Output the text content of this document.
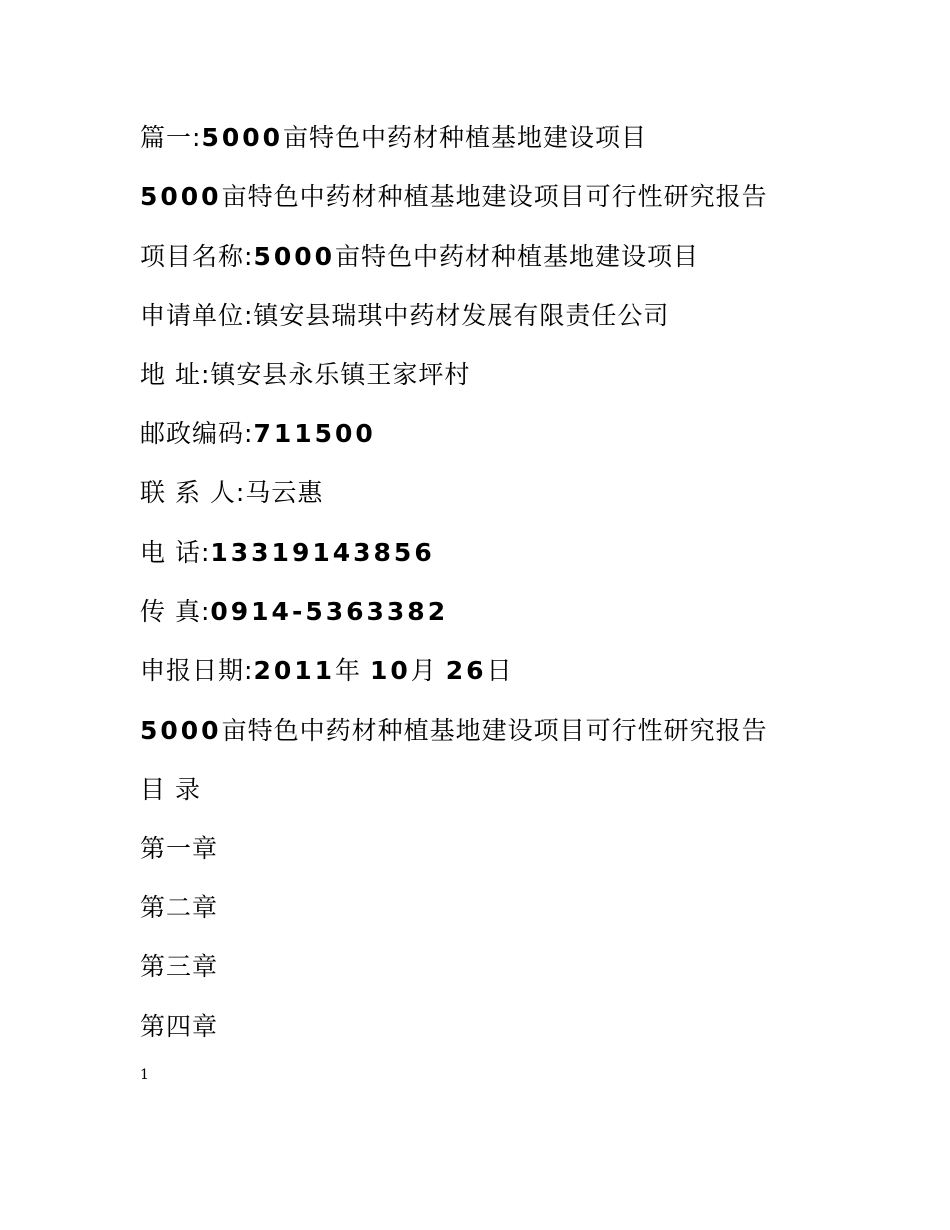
篇一:5000亩特色中药材种植基地建设项目
5000亩特色中药材种植基地建设项目可行性研究报告
项目名称:5000亩特色中药材种植基地建设项目
申请单位:镇安县瑞琪中药材发展有限责任公司
地 址:镇安县永乐镇王家坪村
邮政编码:711500
联 系 人:马云惠
电 话:13319143856
传 真:0914-5363382
申报日期:2011年 10月 26日
5000亩特色中药材种植基地建设项目可行性研究报告
目 录
第一章
第二章
第三章
第四章
1
